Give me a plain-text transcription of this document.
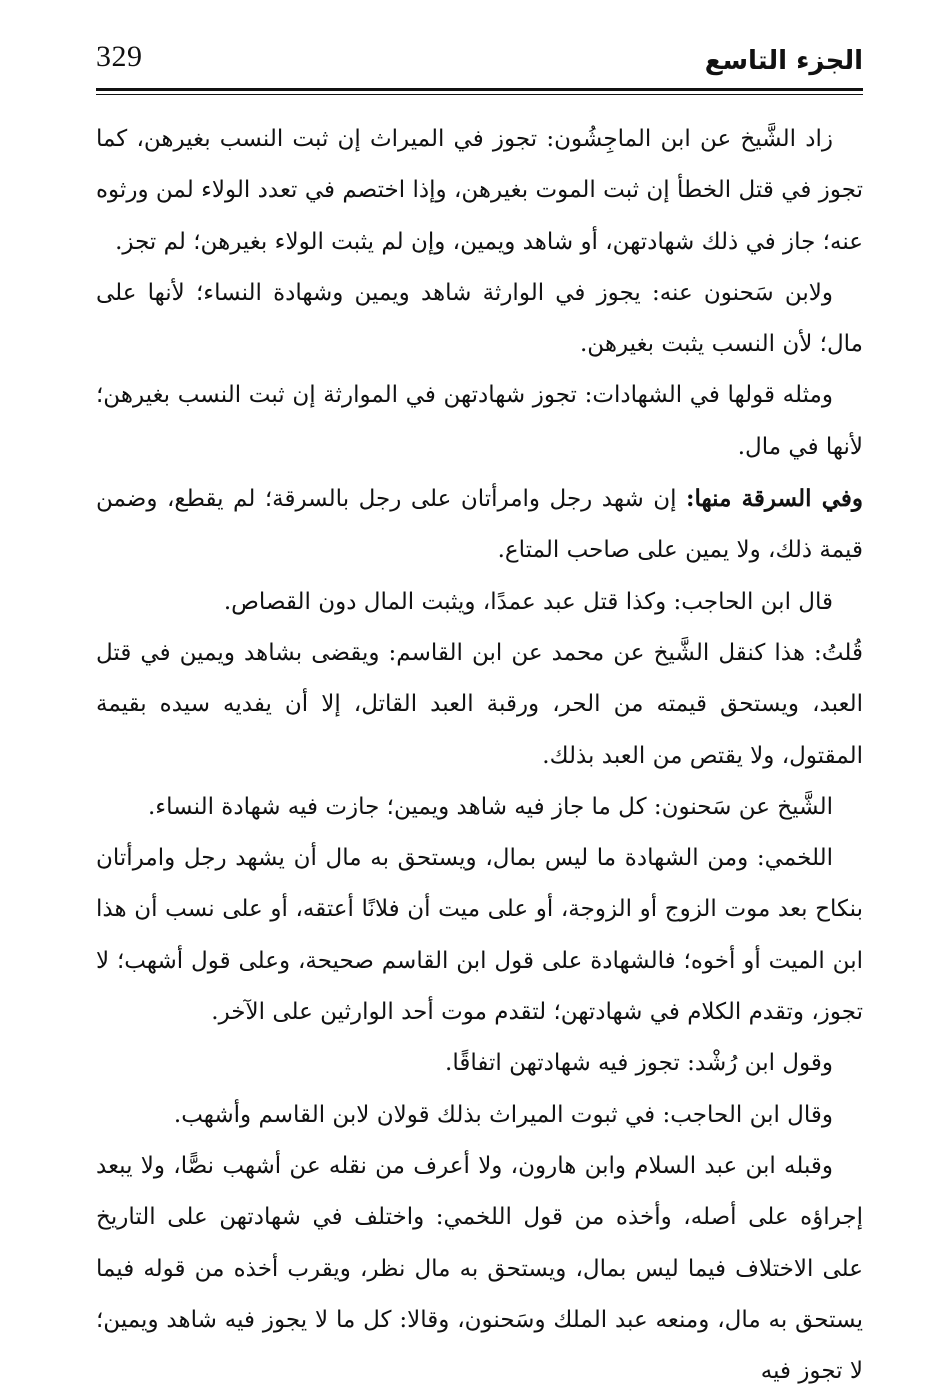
329	الجزء التاسع

زاد الشَّيخ عن ابن الماجِشُون: تجوز في الميراث إن ثبت النسب بغيرهن، كما تجوز في قتل الخطأ إن ثبت الموت بغيرهن، وإذا اختصم في تعدد الولاء لمن ورثوه عنه؛ جاز في ذلك شهادتهن، أو شاهد ويمين، وإن لم يثبت الولاء بغيرهن؛ لم تجز.

ولابن سَحنون عنه: يجوز في الوارثة شاهد ويمين وشهادة النساء؛ لأنها على مال؛ لأن النسب يثبت بغيرهن.

ومثله قولها في الشهادات: تجوز شهادتهن في الموارثة إن ثبت النسب بغيرهن؛ لأنها في مال.

وفي السرقة منها: إن شهد رجل وامرأتان على رجل بالسرقة؛ لم يقطع، وضمن قيمة ذلك، ولا يمين على صاحب المتاع.

قال ابن الحاجب: وكذا قتل عبد عمدًا، ويثبت المال دون القصاص.

قُلتُ: هذا كنقل الشَّيخ عن محمد عن ابن القاسم: ويقضى بشاهد ويمين في قتل العبد، ويستحق قيمته من الحر، ورقبة العبد القاتل، إلا أن يفديه سيده بقيمة المقتول، ولا يقتص من العبد بذلك.

الشَّيخ عن سَحنون: كل ما جاز فيه شاهد ويمين؛ جازت فيه شهادة النساء.

اللخمي: ومن الشهادة ما ليس بمال، ويستحق به مال أن يشهد رجل وامرأتان بنكاح بعد موت الزوج أو الزوجة، أو على ميت أن فلانًا أعتقه، أو على نسب أن هذا ابن الميت أو أخوه؛ فالشهادة على قول ابن القاسم صحيحة، وعلى قول أشهب؛ لا تجوز، وتقدم الكلام في شهادتهن؛ لتقدم موت أحد الوارثين على الآخر.

وقول ابن رُشْد: تجوز فيه شهادتهن اتفاقًا.

وقال ابن الحاجب: في ثبوت الميراث بذلك قولان لابن القاسم وأشهب.

وقبله ابن عبد السلام وابن هارون، ولا أعرف من نقله عن أشهب نصًّا، ولا يبعد إجراؤه على أصله، وأخذه من قول اللخمي: واختلف في شهادتهن على التاريخ على الاختلاف فيما ليس بمال، ويستحق به مال نظر، ويقرب أخذه من قوله فيما يستحق به مال، ومنعه عبد الملك وسَحنون، وقالا: كل ما لا يجوز فيه شاهد ويمين؛ لا تجوز فيه
